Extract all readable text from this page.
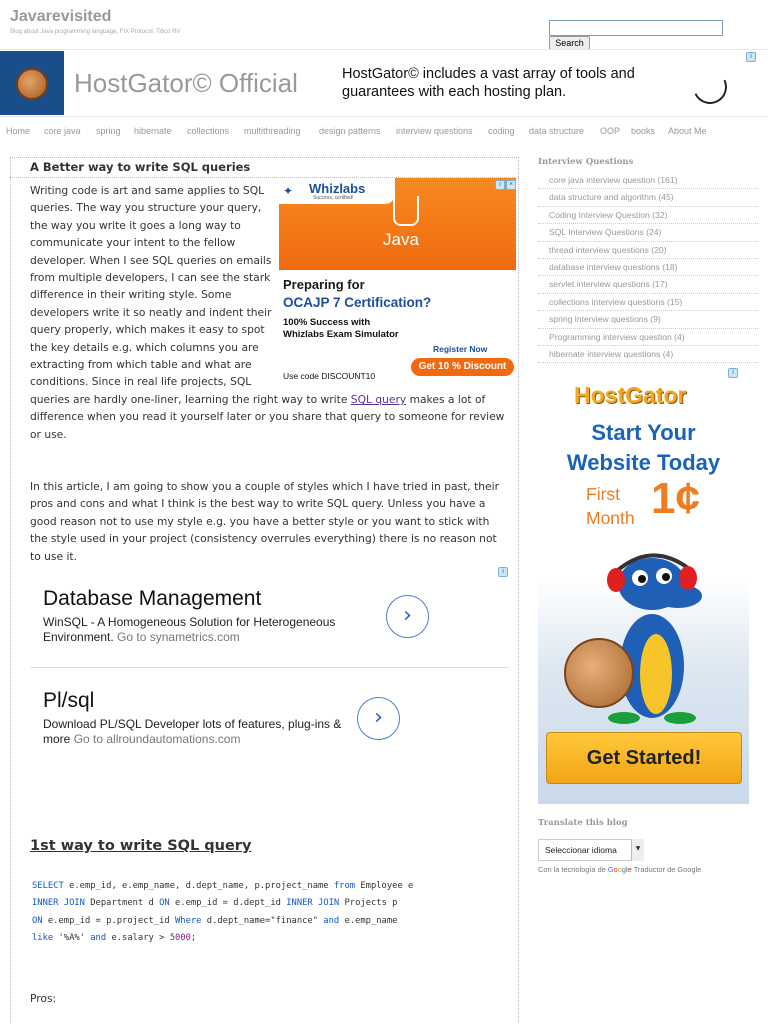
Javarevisited
Blog about Java programming language, FIX Protocol, Tibco RV
Search
HostGator© Official	HostGator© includes a vast array of tools and guarantees with each hosting plan.
i
Home core java spring hibernate collections multithreading design patterns interview questions coding data structure OOP books About Me
A Better way to write SQL queries
Writing code is art and same applies to SQL queries. The way you structure your query, the way you write it goes a long way to communicate your intent to the fellow developer. When I see SQL queries on emails from multiple developers, I can see the stark difference in their writing style. Some developers write it so neatly and indent their query properly, which makes it easy to spot the key details e.g. which columns you are extracting from which table and what are conditions. Since in real life projects, SQL
queries are hardly one-liner, learning the right way to write SQL query makes a lot of difference when you read it yourself later or you share that query to someone for review or use.
In this article, I am going to show you a couple of styles which I have tried in past, their pros and cons and what I think is the best way to write SQL query. Unless you have a good reason not to use my style e.g. you have a better style or you want to stick with the style used in your project (consistency overrules everything) there is no reason not to use it.
✦ Whizlabs
Success, certified!
Java
Preparing for
OCAJP 7 Certification?
100% Success with
Whizlabs Exam Simulator
Register Now
Get 10 % Discount
Use code DISCOUNT10
i	×
i
Database Management
WinSQL - A Homogeneous Solution for Heterogeneous Environment. Go to synametrics.com
›
Pl/sql
Download PL/SQL Developer lots of features, plug-ins & more Go to allroundautomations.com
›
1st way to write SQL query
SELECT e.emp_id, e.emp_name, d.dept_name, p.project_name from Employee e
INNER JOIN Department d ON e.emp_id = d.dept_id INNER JOIN Projects p
ON e.emp_id = p.project_id Where d.dept_name="finance" and e.emp_name
like '%A%' and e.salary > 5000;
Pros:
Interview Questions
core java interview question (161)
data structure and algorithm (45)
Coding Interview Question (32)
SQL Interview Questions (24)
thread interview questions (20)
database interview questions (18)
servlet interview questions (17)
collections interview questions (15)
spring interview questions (9)
Programming interview question (4)
hibernate interview questions (4)
HostGator
Start Your
Website Today
First
Month 1¢
Get Started!
i
Translate this blog
Seleccionar idioma	▼
Con la tecnología de Google Traductor de Google
